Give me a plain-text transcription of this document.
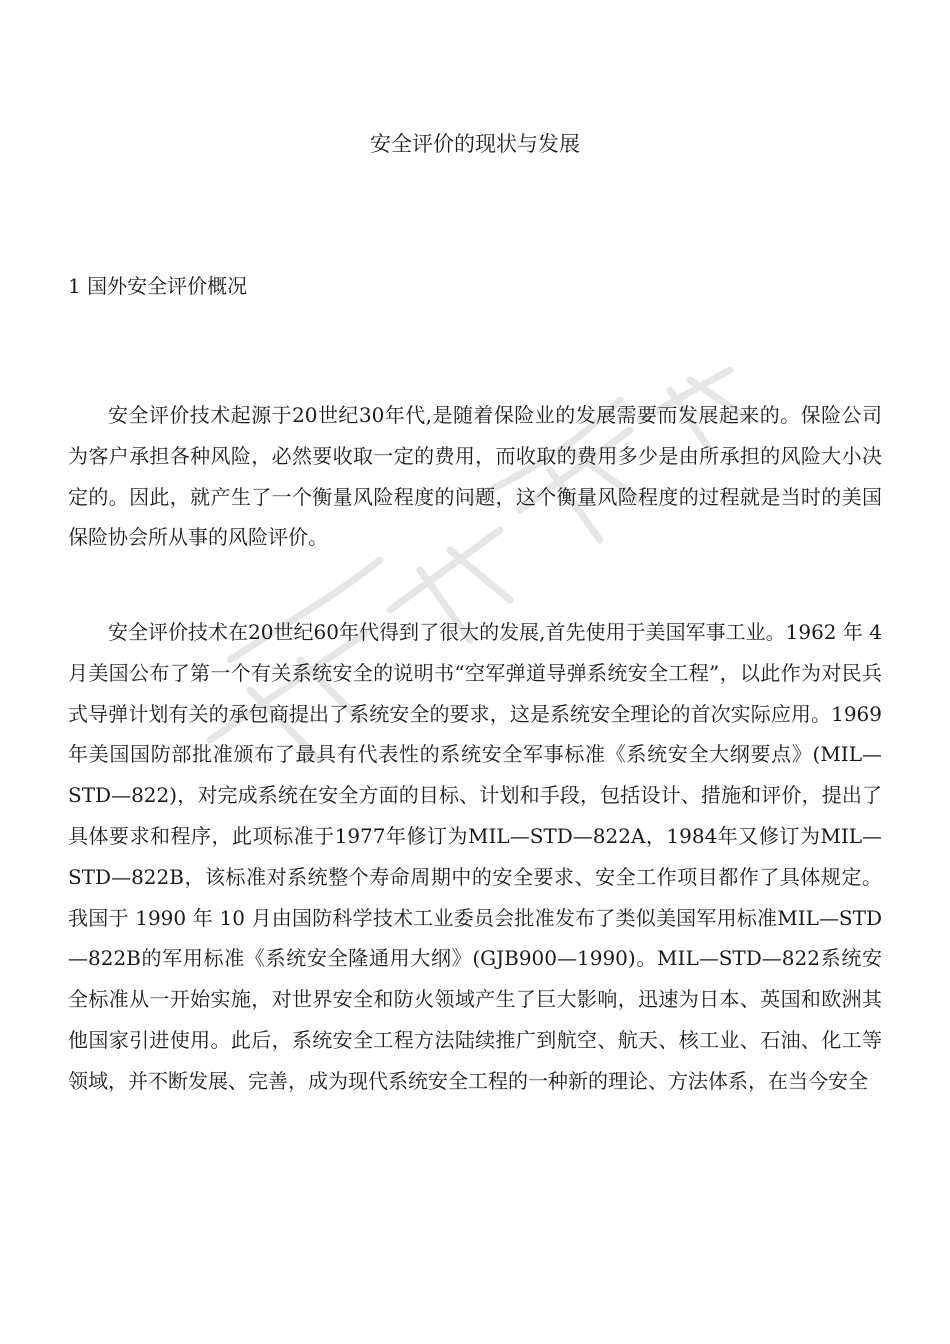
安全评价的现状与发展
1 国外安全评价概况

安全评价技术起源于20世纪30年代,是随着保险业的发展需要而发展起来的。保险公司为客户承担各种风险，必然要收取一定的费用，而收取的费用多少是由所承担的风险大小决定的。因此，就产生了一个衡量风险程度的问题，这个衡量风险程度的过程就是当时的美国保险协会所从事的风险评价。

安全评价技术在20世纪60年代得到了很大的发展,首先使用于美国军事工业。1962 年 4 月美国公布了第一个有关系统安全的说明书“空军弹道导弹系统安全工程”，以此作为对民兵式导弹计划有关的承包商提出了系统安全的要求，这是系统安全理论的首次实际应用。1969 年美国国防部批准颁布了最具有代表性的系统安全军事标准《系统安全大纲要点》(MIL—STD—822)，对完成系统在安全方面的目标、计划和手段，包括设计、措施和评价，提出了具体要求和程序，此项标准于1977年修订为MIL—STD—822A，1984年又修订为MIL—STD—822B，该标准对系统整个寿命周期中的安全要求、安全工作项目都作了具体规定。我国于 1990 年 10 月由国防科学技术工业委员会批准发布了类似美国军用标准MIL—STD—822B的军用标准《系统安全隆通用大纲》(GJB900—1990)。MIL—STD—822系统安全标准从一开始实施，对世界安全和防火领域产生了巨大影响，迅速为日本、英国和欧洲其他国家引进使用。此后，系统安全工程方法陆续推广到航空、航天、核工业、石油、化工等领域，并不断发展、完善，成为现代系统安全工程的一种新的理论、方法体系，在当今安全
